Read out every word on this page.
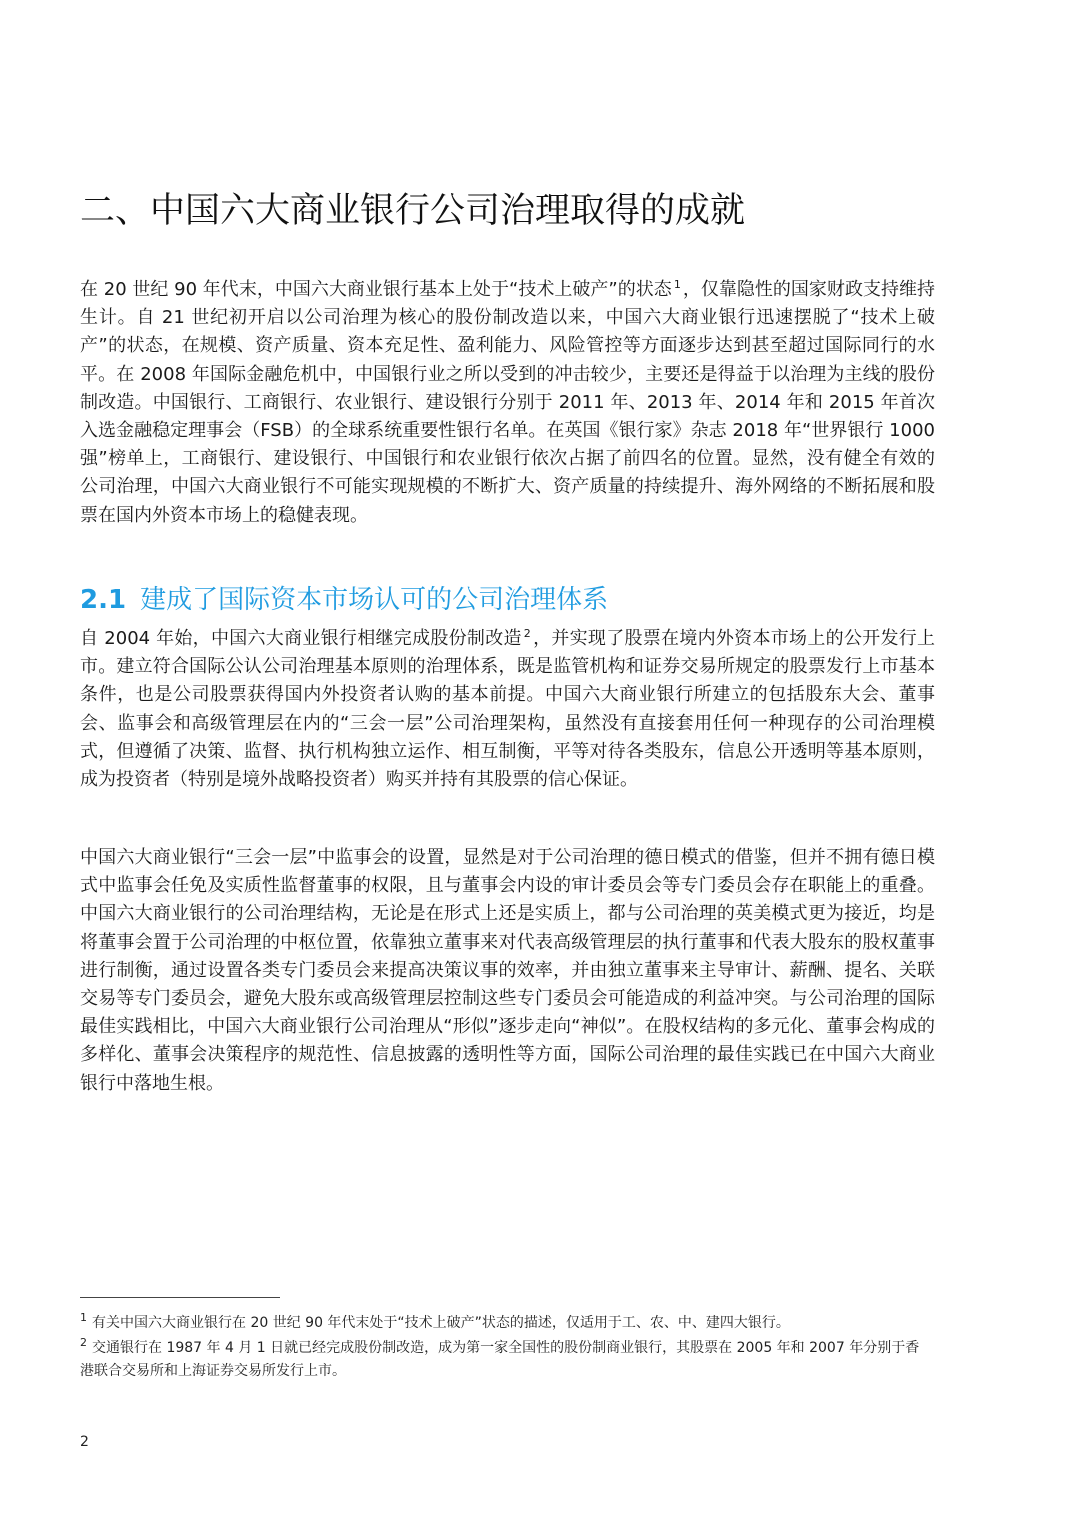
二、中国六大商业银行公司治理取得的成就

在 20 世纪 90 年代末，中国六大商业银行基本上处于“技术上破产”的状态 $^1$ ，仅靠隐性的国家财政支持维持生计。自 21 世纪初开启以公司治理为核心的股份制改造以来，中国六大商业银行迅速摆脱了“技术上破产”的状态，在规模、资产质量、资本充足性、盈利能力、风险管控等方面逐步达到甚至超过国际同行的水平。在 2008 年国际金融危机中，中国银行业之所以受到的冲击较少，主要还是得益于以治理为主线的股份制改造。中国银行、工商银行、农业银行、建设银行分别于 2011 年、2013 年、2014 年和 2015 年首次入选金融稳定理事会（FSB）的全球系统重要性银行名单。在英国《银行家》杂志 2018 年“世界银行 1000 强”榜单上，工商银行、建设银行、中国银行和农业银行依次占据了前四名的位置。显然，没有健全有效的公司治理，中国六大商业银行不可能实现规模的不断扩大、资产质量的持续提升、海外网络的不断拓展和股票在国内外资本市场上的稳健表现。

2.1 建成了国际资本市场认可的公司治理体系

自 2004 年始，中国六大商业银行相继完成股份制改造 $^2$ ，并实现了股票在境内外资本市场上的公开发行上市。建立符合国际公认公司治理基本原则的治理体系，既是监管机构和证券交易所规定的股票发行上市基本条件，也是公司股票获得国内外投资者认购的基本前提。中国六大商业银行所建立的包括股东大会、董事会、监事会和高级管理层在内的“三会一层”公司治理架构，虽然没有直接套用任何一种现存的公司治理模式，但遵循了决策、监督、执行机构独立运作、相互制衡，平等对待各类股东，信息公开透明等基本原则，成为投资者（特别是境外战略投资者）购买并持有其股票的信心保证。

中国六大商业银行“三会一层”中监事会的设置，显然是对于公司治理的德日模式的借鉴，但并不拥有德日模式中监事会任免及实质性监督董事的权限，且与董事会内设的审计委员会等专门委员会存在职能上的重叠。中国六大商业银行的公司治理结构，无论是在形式上还是实质上，都与公司治理的英美模式更为接近，均是将董事会置于公司治理的中枢位置，依靠独立董事来对代表高级管理层的执行董事和代表大股东的股权董事进行制衡，通过设置各类专门委员会来提高决策议事的效率，并由独立董事来主导审计、薪酬、提名、关联交易等专门委员会，避免大股东或高级管理层控制这些专门委员会可能造成的利益冲突。与公司治理的国际最佳实践相比，中国六大商业银行公司治理从“形似”逐步走向“神似”。在股权结构的多元化、董事会构成的多样化、董事会决策程序的规范性、信息披露的透明性等方面，国际公司治理的最佳实践已在中国六大商业银行中落地生根。

$^1$ 有关中国六大商业银行在 20 世纪 90 年代末处于“技术上破产”状态的描述，仅适用于工、农、中、建四大银行。

$^2$ 交通银行在 1987 年 4 月 1 日就已经完成股份制改造，成为第一家全国性的股份制商业银行，其股票在 2005 年和 2007 年分别于香港联合交易所和上海证券交易所发行上市。

2
